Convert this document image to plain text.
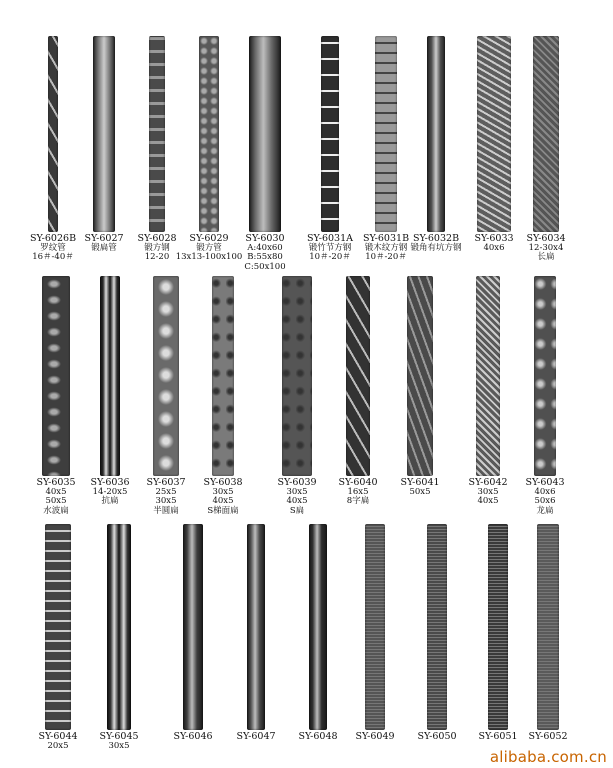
SY-6026B
罗纹管
16＃-40＃
SY-6027
锻扁管
SY-6028
锻方钢
12-20
SY-6029
锻方管
13x13-100x100
SY-6030
A:40x60
B:55x80
C:50x100
SY-6031A
锻竹节方钢
10＃-20＃
SY-6031B
锻木纹方钢
10＃-20＃
SY-6032B
锻角有坑方钢
SY-6033
40x6
SY-6034
12-30x4
长扁
SY-6035
40x5
50x5
水波扁
SY-6036
14-20x5
抗扁
SY-6037
25x5
30x5
半圆扁
SY-6038
30x5
40x5
S梯面扁
SY-6039
30x5
40x5
S扁
SY-6040
16x5
8字扁
SY-6041
50x5
SY-6042
30x5
40x5
SY-6043
40x6
50x6
龙扁
SY-6044
20x5
SY-6045
30x5
SY-6046	SY-6047 SY-6048 SY-6049 SY-6050 SY-6051 SY-6052
alibaba.com.cn
